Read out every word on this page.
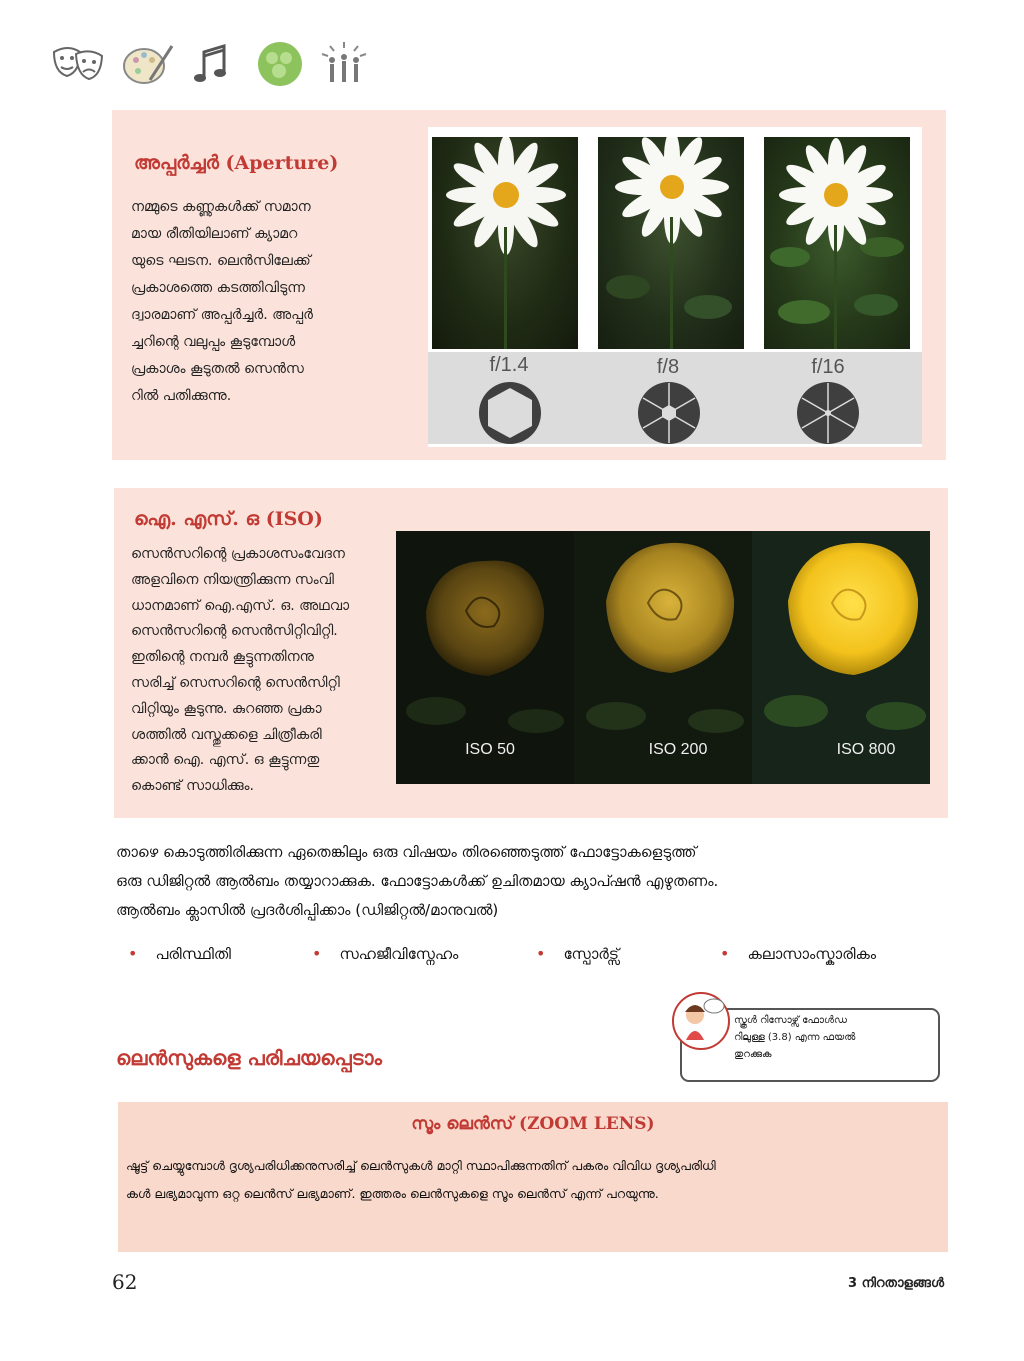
അപ്പർച്ചർ (Aperture)
നമ്മുടെ കണ്ണുകൾക്ക് സമാന
മായ രീതിയിലാണ് ക്യാമറ
യുടെ ഘടന. ലെൻസിലേക്ക്
പ്രകാശത്തെ കടത്തിവിടുന്ന
ദ്വാരമാണ് അപ്പർച്ചർ. അപ്പർ
ച്ചറിന്റെ വലുപ്പം കൂടുമ്പോൾ
പ്രകാശം കൂടുതൽ സെൻസ
റിൽ പതിക്കുന്നു.
f/1.4	f/8	f/16
ഐ. എസ്. ഒ (ISO)
സെൻസറിന്റെ പ്രകാശസംവേദന
അളവിനെ നിയന്ത്രിക്കുന്ന സംവി
ധാനമാണ് ഐ.എസ്. ഒ. അഥവാ
സെൻസറിന്റെ സെൻസിറ്റിവിറ്റി.
ഇതിന്റെ നമ്പർ കൂട്ടുന്നതിനനു
സരിച്ച് സെസറിന്റെ സെൻസിറ്റി
വിറ്റിയും കൂടുന്നു. കുറഞ്ഞ പ്രകാ
ശത്തിൽ വസ്തുക്കളെ ചിത്രീകരി
ക്കാൻ ഐ. എസ്. ഒ കൂട്ടുന്നതു
കൊണ്ട് സാധിക്കും.
ISO 50	ISO 200	ISO 800
താഴെ കൊടുത്തിരിക്കുന്ന ഏതെങ്കിലും ഒരു വിഷയം തിരഞ്ഞെടുത്ത് ഫോട്ടോകളെടുത്ത്
ഒരു ഡിജിറ്റൽ ആൽബം തയ്യാറാക്കുക. ഫോട്ടോകൾക്ക് ഉചിതമായ ക്യാപ്ഷൻ എഴുതണം.
ആൽബം ക്ലാസിൽ പ്രദർശിപ്പിക്കാം (ഡിജിറ്റൽ/മാനുവൽ)
• പരിസ്ഥിതി	• സഹജീവിസ്നേഹം	• സ്പോർട്സ്	• കലാസാംസ്കാരികം
സ്കൂൾ റിസോഴ്സ് ഫോൾഡ
റിലുള്ള (3.8) എന്ന ഫയൽ
തുറക്കുക
ലെൻസുകളെ പരിചയപ്പെടാം
സൂം ലെൻസ് (ZOOM LENS)
ഷൂട്ട് ചെയ്യുമ്പോൾ ദൃശ്യപരിധിക്കനുസരിച്ച് ലെൻസുകൾ മാറ്റി സ്ഥാപിക്കുന്നതിന് പകരം വിവിധ ദൃശ്യപരിധി
കൾ ലഭ്യമാവുന്ന ഒറ്റ ലെൻസ് ലഭ്യമാണ്. ഇത്തരം ലെൻസുകളെ സൂം ലെൻസ് എന്ന് പറയുന്നു.
62	3 നിറതാളങ്ങൾ
